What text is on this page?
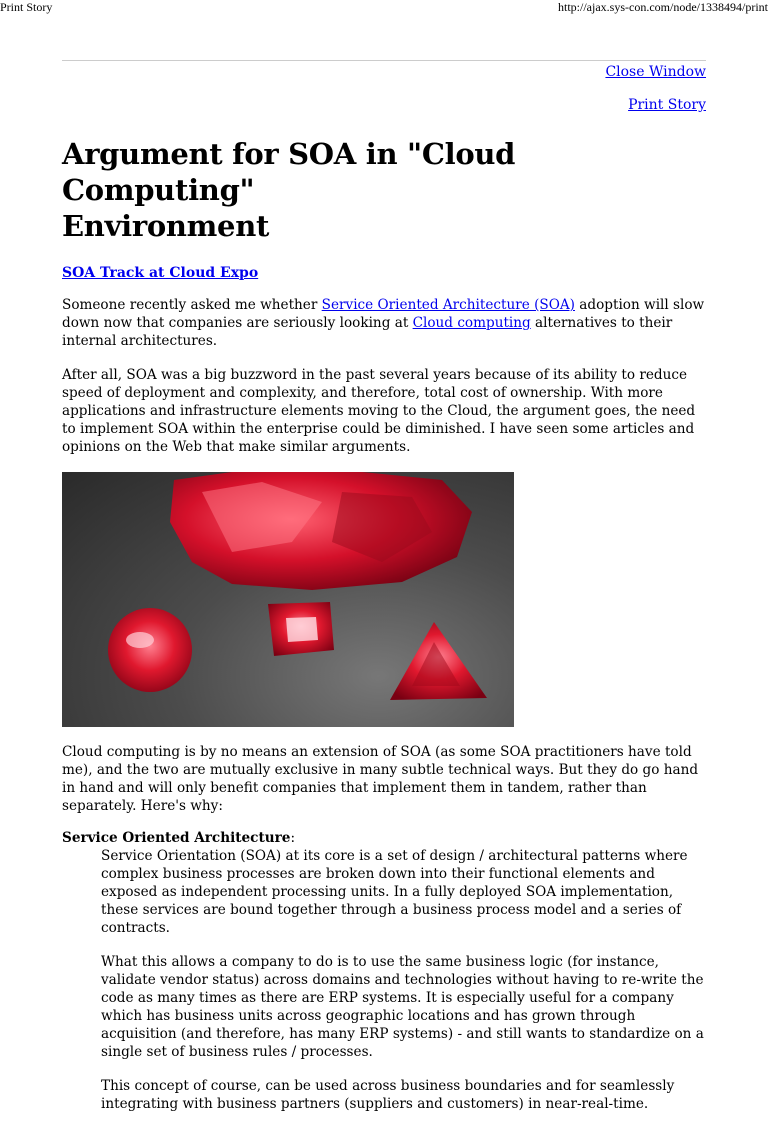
Print Story	http://ajax.sys-con.com/node/1338494/print
Close Window
Print Story
Argument for SOA in "Cloud Computing"
Environment
SOA Track at Cloud Expo

Someone recently asked me whether Service Oriented Architecture (SOA) adoption will slow down now that companies are seriously looking at Cloud computing alternatives to their internal architectures.

After all, SOA was a big buzzword in the past several years because of its ability to reduce speed of deployment and complexity, and therefore, total cost of ownership. With more applications and infrastructure elements moving to the Cloud, the argument goes, the need to implement SOA within the enterprise could be diminished. I have seen some articles and opinions on the Web that make similar arguments.

Cloud computing is by no means an extension of SOA (as some SOA practitioners have told me), and the two are mutually exclusive in many subtle technical ways. But they do go hand in hand and will only benefit companies that implement them in tandem, rather than separately. Here's why:

Service Oriented Architecture:

Service Orientation (SOA) at its core is a set of design / architectural patterns where complex business processes are broken down into their functional elements and exposed as independent processing units. In a fully deployed SOA implementation, these services are bound together through a business process model and a series of contracts.

What this allows a company to do is to use the same business logic (for instance, validate vendor status) across domains and technologies without having to re-write the code as many times as there are ERP systems. It is especially useful for a company which has business units across geographic locations and has grown through acquisition (and therefore, has many ERP systems) - and still wants to standardize on a single set of business rules / processes.

This concept of course, can be used across business boundaries and for seamlessly integrating with business partners (suppliers and customers) in near-real-time.
